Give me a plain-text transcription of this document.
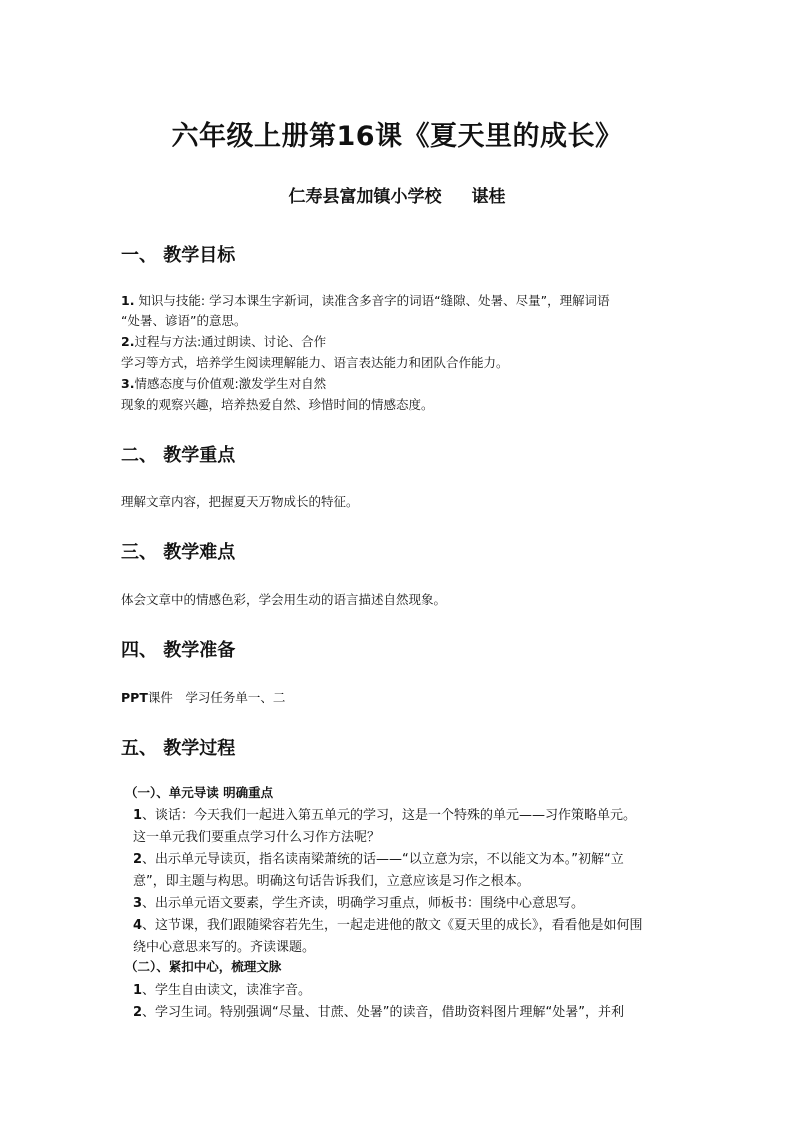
六年级上册第16课《夏天里的成长》
仁寿县富加镇小学校 谌桂
一、 教学目标
1. 知识与技能: 学习本课生字新词，读准含多音字的词语“缝隙、处暑、尽量”，理解词语
“处暑、谚语”的意思。
2.过程与方法:通过朗读、讨论、合作
学习等方式，培养学生阅读理解能力、语言表达能力和团队合作能力。
3.情感态度与价值观:激发学生对自然
现象的观察兴趣，培养热爱自然、珍惜时间的情感态度。
二、 教学重点
理解文章内容，把握夏天万物成长的特征。
三、 教学难点
体会文章中的情感色彩，学会用生动的语言描述自然现象。
四、 教学准备
PPT课件　学习任务单一、二
五、 教学过程
（一）、单元导读 明确重点
1、谈话：今天我们一起进入第五单元的学习，这是一个特殊的单元——习作策略单元。
这一单元我们要重点学习什么习作方法呢？
2、出示单元导读页，指名读南梁萧统的话——“以立意为宗，不以能文为本。”初解“立
意”，即主题与构思。明确这句话告诉我们，立意应该是习作之根本。
3、出示单元语文要素，学生齐读，明确学习重点，师板书：围绕中心意思写。
4、这节课，我们跟随梁容若先生，一起走进他的散文《夏天里的成长》，看看他是如何围
绕中心意思来写的。齐读课题。
（二）、紧扣中心，梳理文脉
1、学生自由读文，读准字音。
2、学习生词。特别强调“尽量、甘蔗、处暑”的读音，借助资料图片理解“处暑”，并利
